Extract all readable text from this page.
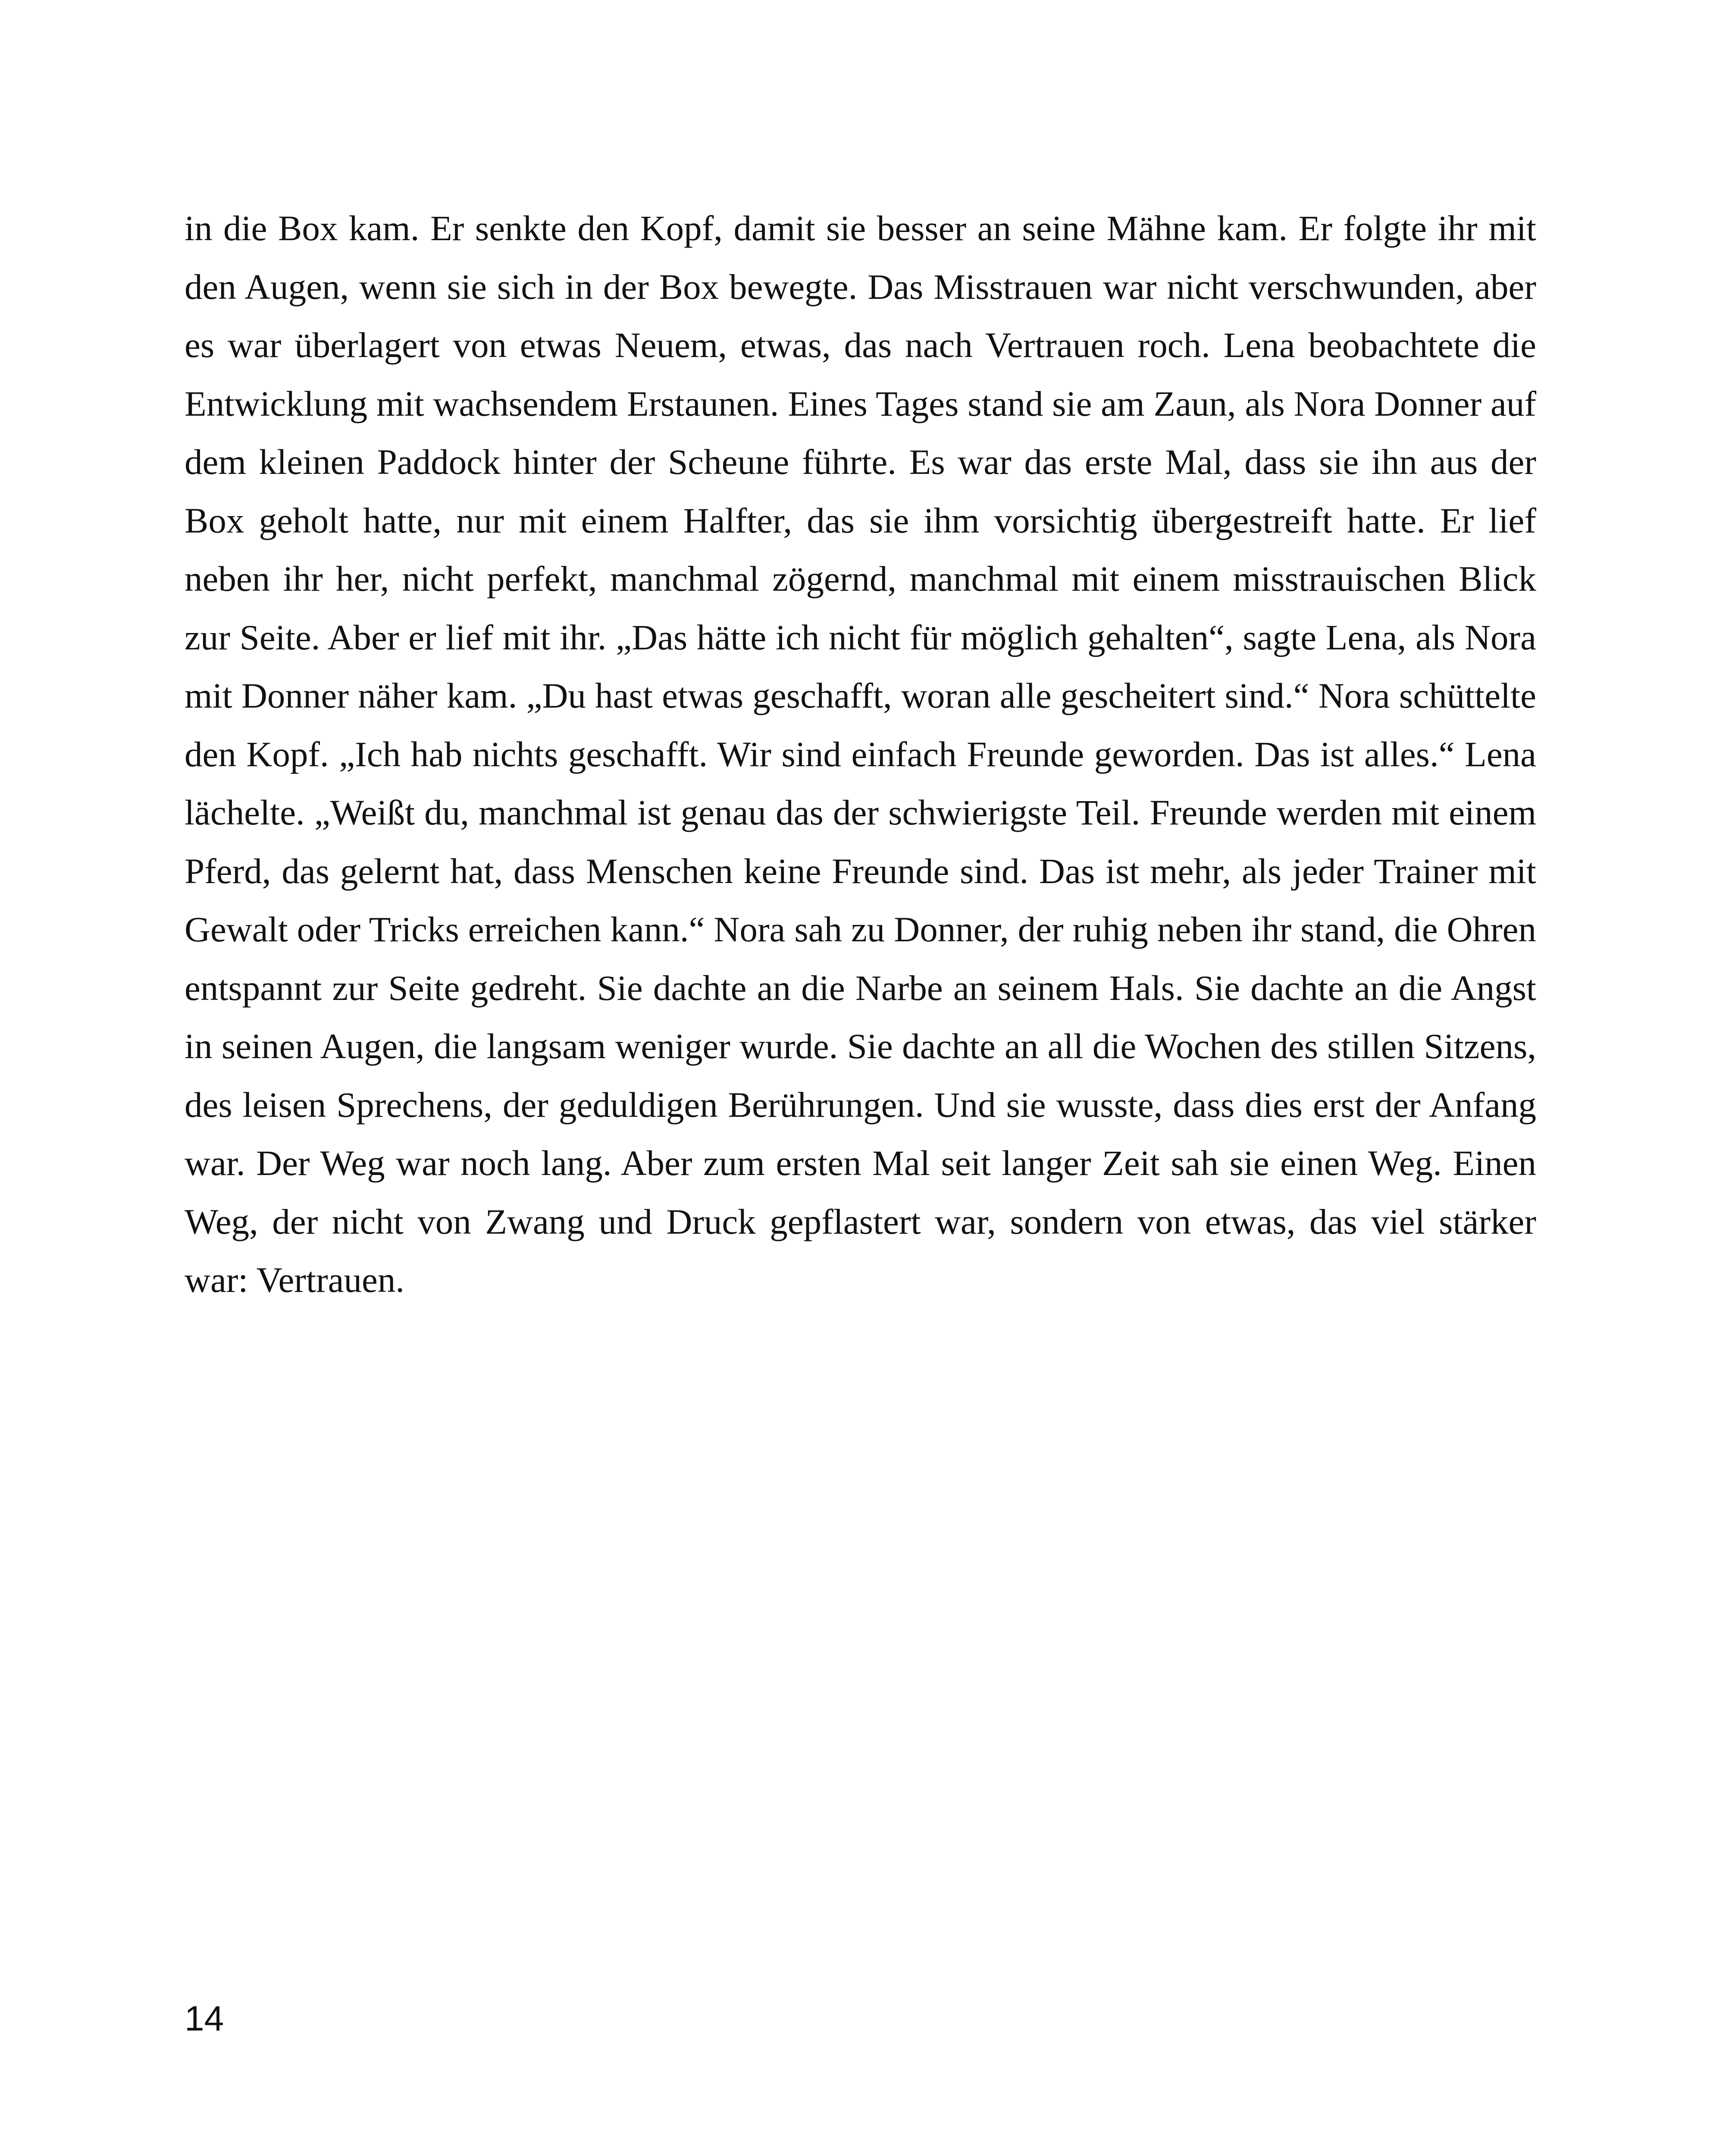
in die Box kam. Er senkte den Kopf, damit sie besser an seine Mähne kam. Er folgte ihr mit den Augen, wenn sie sich in der Box bewegte. Das Misstrauen war nicht verschwunden, aber es war überlagert von etwas Neuem, etwas, das nach Vertrauen roch. Lena beobachtete die Entwicklung mit wachsendem Erstaunen. Eines Tages stand sie am Zaun, als Nora Donner auf dem kleinen Paddock hinter der Scheune führte. Es war das erste Mal, dass sie ihn aus der Box geholt hatte, nur mit einem Halfter, das sie ihm vorsichtig übergestreift hatte. Er lief neben ihr her, nicht perfekt, manchmal zögernd, manchmal mit einem misstrauischen Blick zur Seite. Aber er lief mit ihr. „Das hätte ich nicht für möglich gehalten“, sagte Lena, als Nora mit Donner näher kam. „Du hast etwas geschafft, woran alle gescheitert sind.“ Nora schüttelte den Kopf. „Ich hab nichts geschafft. Wir sind einfach Freunde geworden. Das ist alles.“ Lena lächelte. „Weißt du, manchmal ist genau das der schwierigste Teil. Freunde werden mit einem Pferd, das gelernt hat, dass Menschen keine Freunde sind. Das ist mehr, als jeder Trainer mit Gewalt oder Tricks erreichen kann.“ Nora sah zu Donner, der ruhig neben ihr stand, die Ohren entspannt zur Seite gedreht. Sie dachte an die Narbe an seinem Hals. Sie dachte an die Angst in seinen Augen, die langsam weniger wurde. Sie dachte an all die Wochen des stillen Sitzens, des leisen Sprechens, der geduldigen Berührungen. Und sie wusste, dass dies erst der Anfang war. Der Weg war noch lang. Aber zum ersten Mal seit langer Zeit sah sie einen Weg. Einen Weg, der nicht von Zwang und Druck gepflastert war, sondern von etwas, das viel stärker war: Vertrauen.

14
